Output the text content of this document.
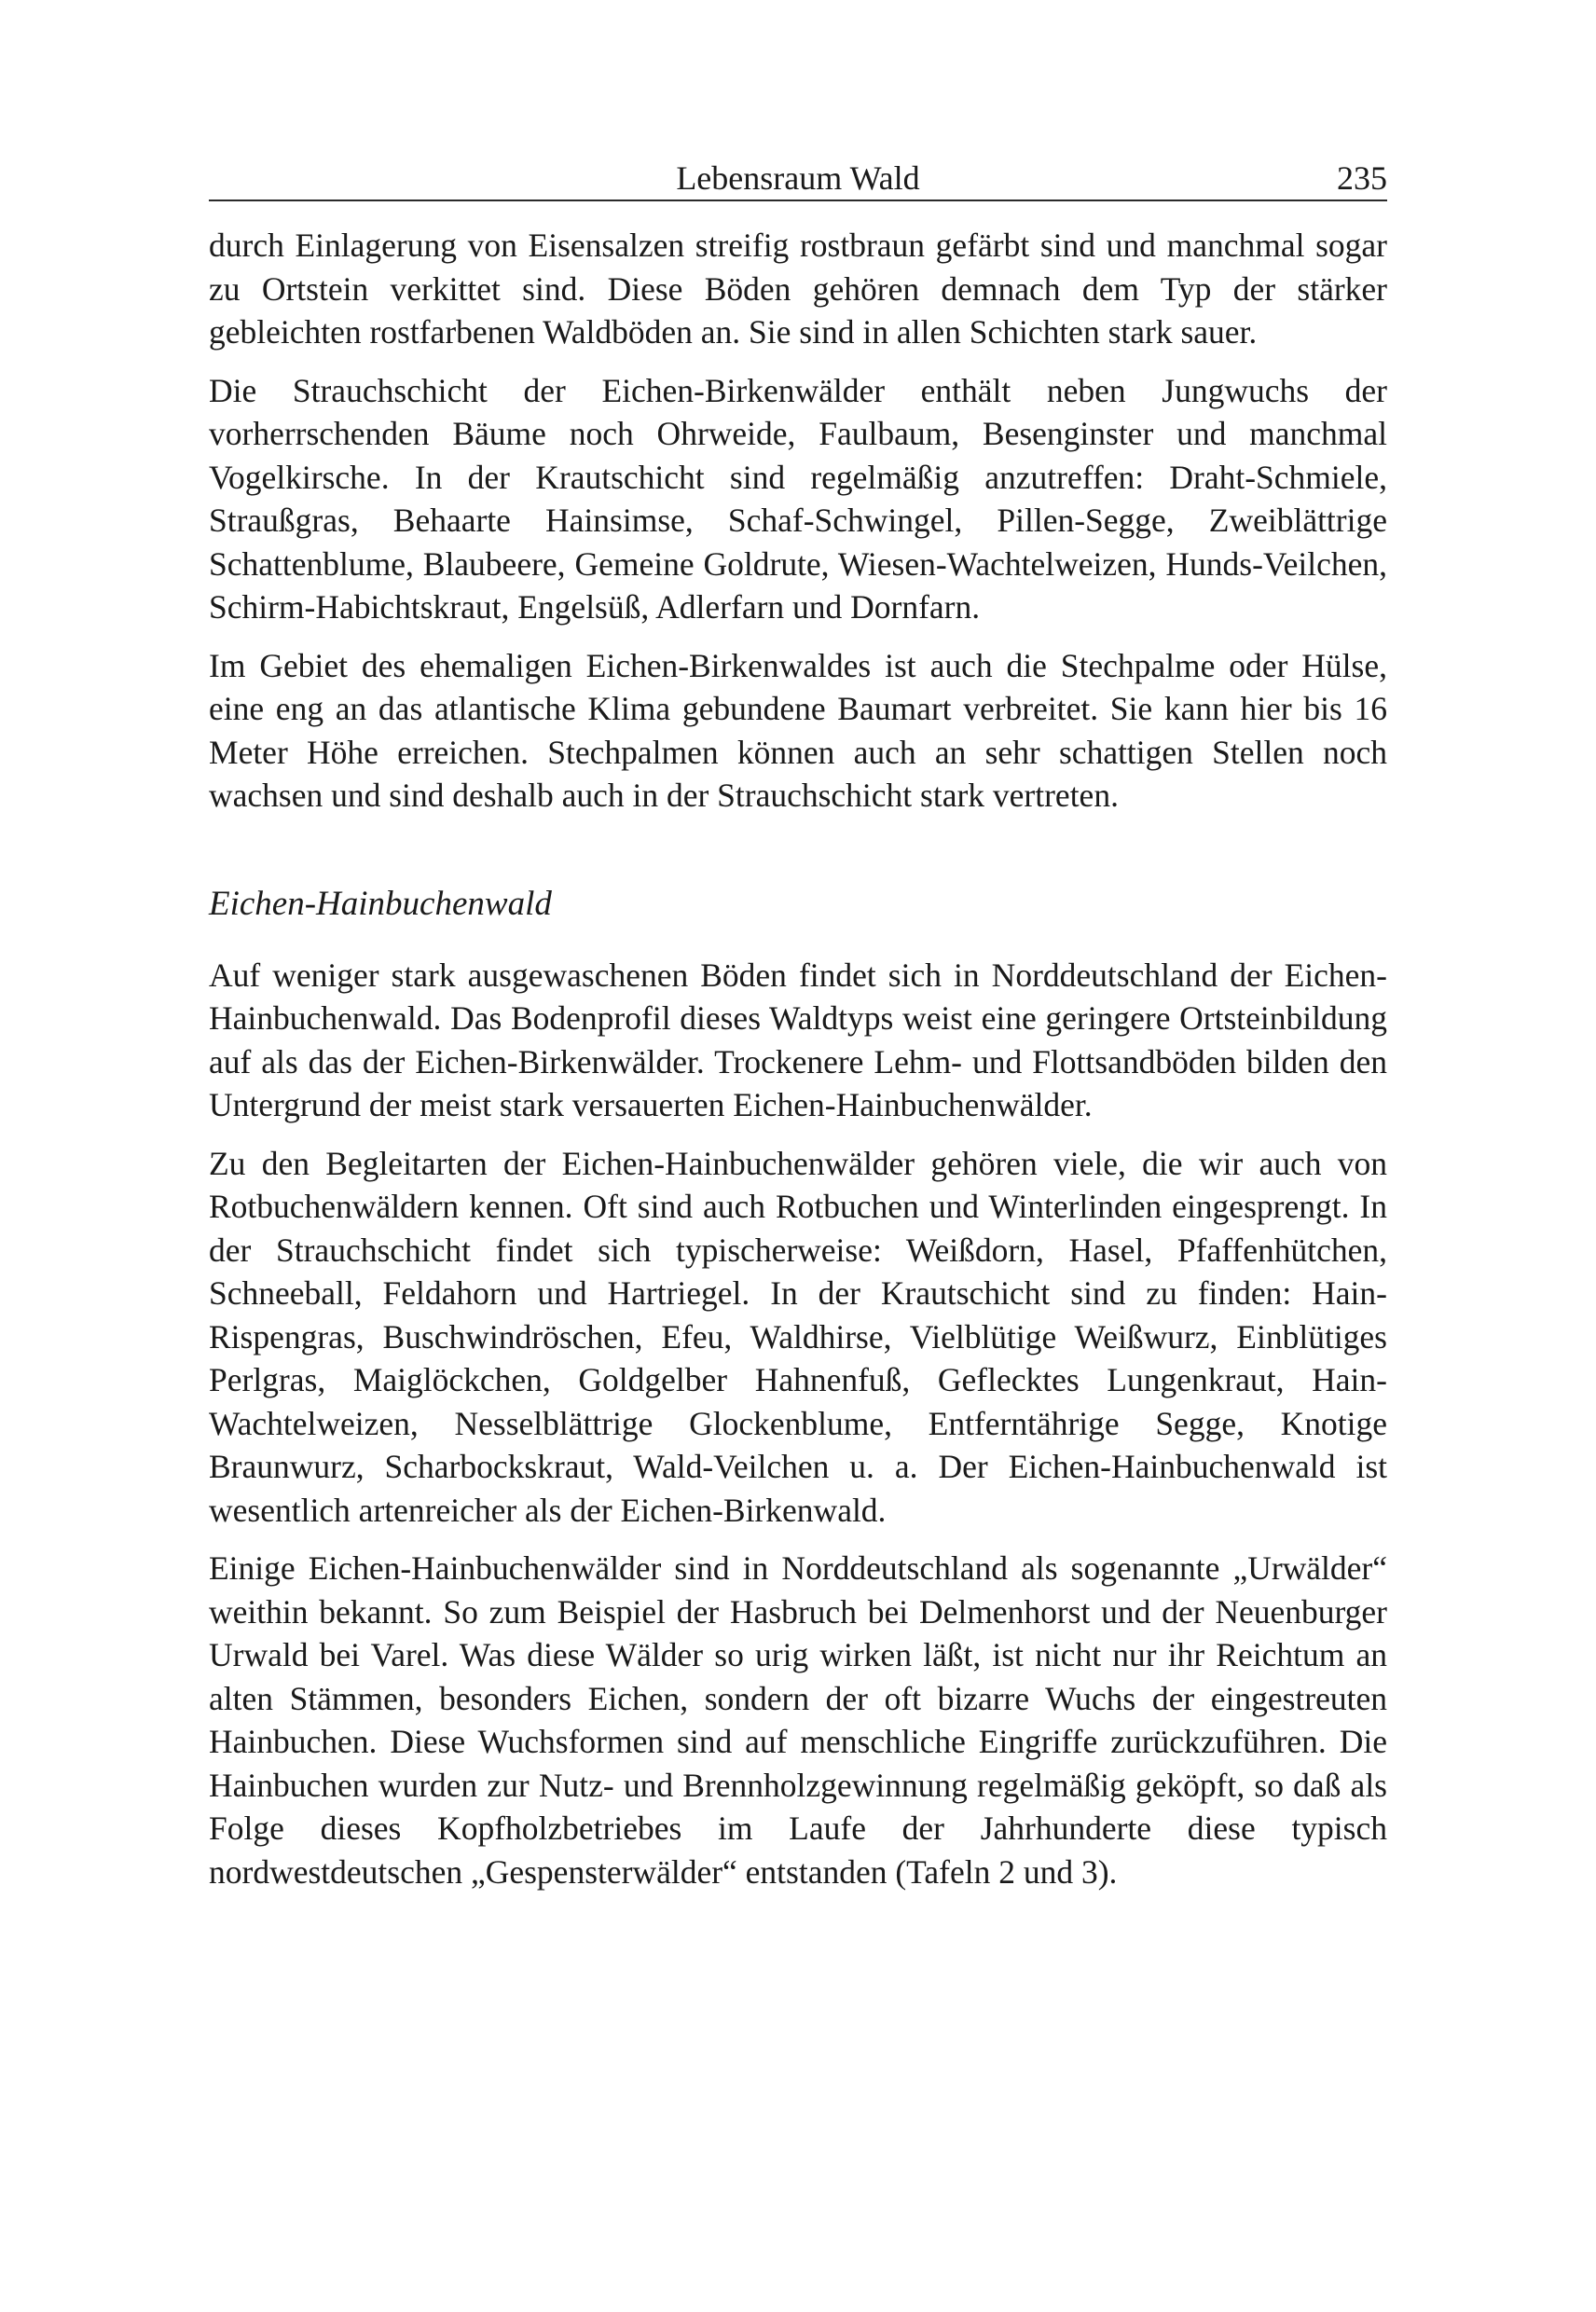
Lebensraum Wald	235

durch Einlagerung von Eisensalzen streifig rostbraun gefärbt sind und manchmal sogar zu Ortstein verkittet sind. Diese Böden gehören demnach dem Typ der stärker gebleichten rostfarbenen Waldböden an. Sie sind in allen Schichten stark sauer.

Die Strauchschicht der Eichen-Birkenwälder enthält neben Jungwuchs der vorherrschenden Bäume noch Ohrweide, Faulbaum, Besenginster und manchmal Vogelkirsche. In der Krautschicht sind regelmäßig anzutreffen: Draht-Schmiele, Straußgras, Behaarte Hainsimse, Schaf-Schwingel, Pillen-Segge, Zweiblättrige Schattenblume, Blaubeere, Gemeine Goldrute, Wiesen-Wachtelweizen, Hunds-Veilchen, Schirm-Habichtskraut, Engelsüß, Adlerfarn und Dornfarn.

Im Gebiet des ehemaligen Eichen-Birkenwaldes ist auch die Stechpalme oder Hülse, eine eng an das atlantische Klima gebundene Baumart verbreitet. Sie kann hier bis 16 Meter Höhe erreichen. Stechpalmen können auch an sehr schattigen Stellen noch wachsen und sind deshalb auch in der Strauchschicht stark vertreten.

Eichen-Hainbuchenwald

Auf weniger stark ausgewaschenen Böden findet sich in Norddeutschland der Eichen-Hainbuchenwald. Das Bodenprofil dieses Waldtyps weist eine geringere Ortsteinbildung auf als das der Eichen-Birkenwälder. Trockenere Lehm- und Flottsandböden bilden den Untergrund der meist stark versauerten Eichen-Hainbuchenwälder.

Zu den Begleitarten der Eichen-Hainbuchenwälder gehören viele, die wir auch von Rotbuchenwäldern kennen. Oft sind auch Rotbuchen und Winterlinden eingesprengt. In der Strauchschicht findet sich typischerweise: Weißdorn, Hasel, Pfaffenhütchen, Schneeball, Feldahorn und Hartriegel. In der Krautschicht sind zu finden: Hain-Rispengras, Buschwindröschen, Efeu, Waldhirse, Vielblütige Weißwurz, Einblütiges Perlgras, Maiglöckchen, Goldgelber Hahnenfuß, Geflecktes Lungenkraut, Hain-Wachtelweizen, Nesselblättrige Glockenblume, Entferntährige Segge, Knotige Braunwurz, Scharbockskraut, Wald-Veilchen u. a. Der Eichen-Hainbuchenwald ist wesentlich artenreicher als der Eichen-Birkenwald.

Einige Eichen-Hainbuchenwälder sind in Norddeutschland als sogenannte „Urwälder“ weithin bekannt. So zum Beispiel der Hasbruch bei Delmenhorst und der Neuenburger Urwald bei Varel. Was diese Wälder so urig wirken läßt, ist nicht nur ihr Reichtum an alten Stämmen, besonders Eichen, sondern der oft bizarre Wuchs der eingestreuten Hainbuchen. Diese Wuchsformen sind auf menschliche Eingriffe zurückzuführen. Die Hainbuchen wurden zur Nutz- und Brennholzgewinnung regelmäßig geköpft, so daß als Folge dieses Kopfholzbetriebes im Laufe der Jahrhunderte diese typisch nordwestdeutschen „Gespensterwälder“ entstanden (Tafeln 2 und 3).
